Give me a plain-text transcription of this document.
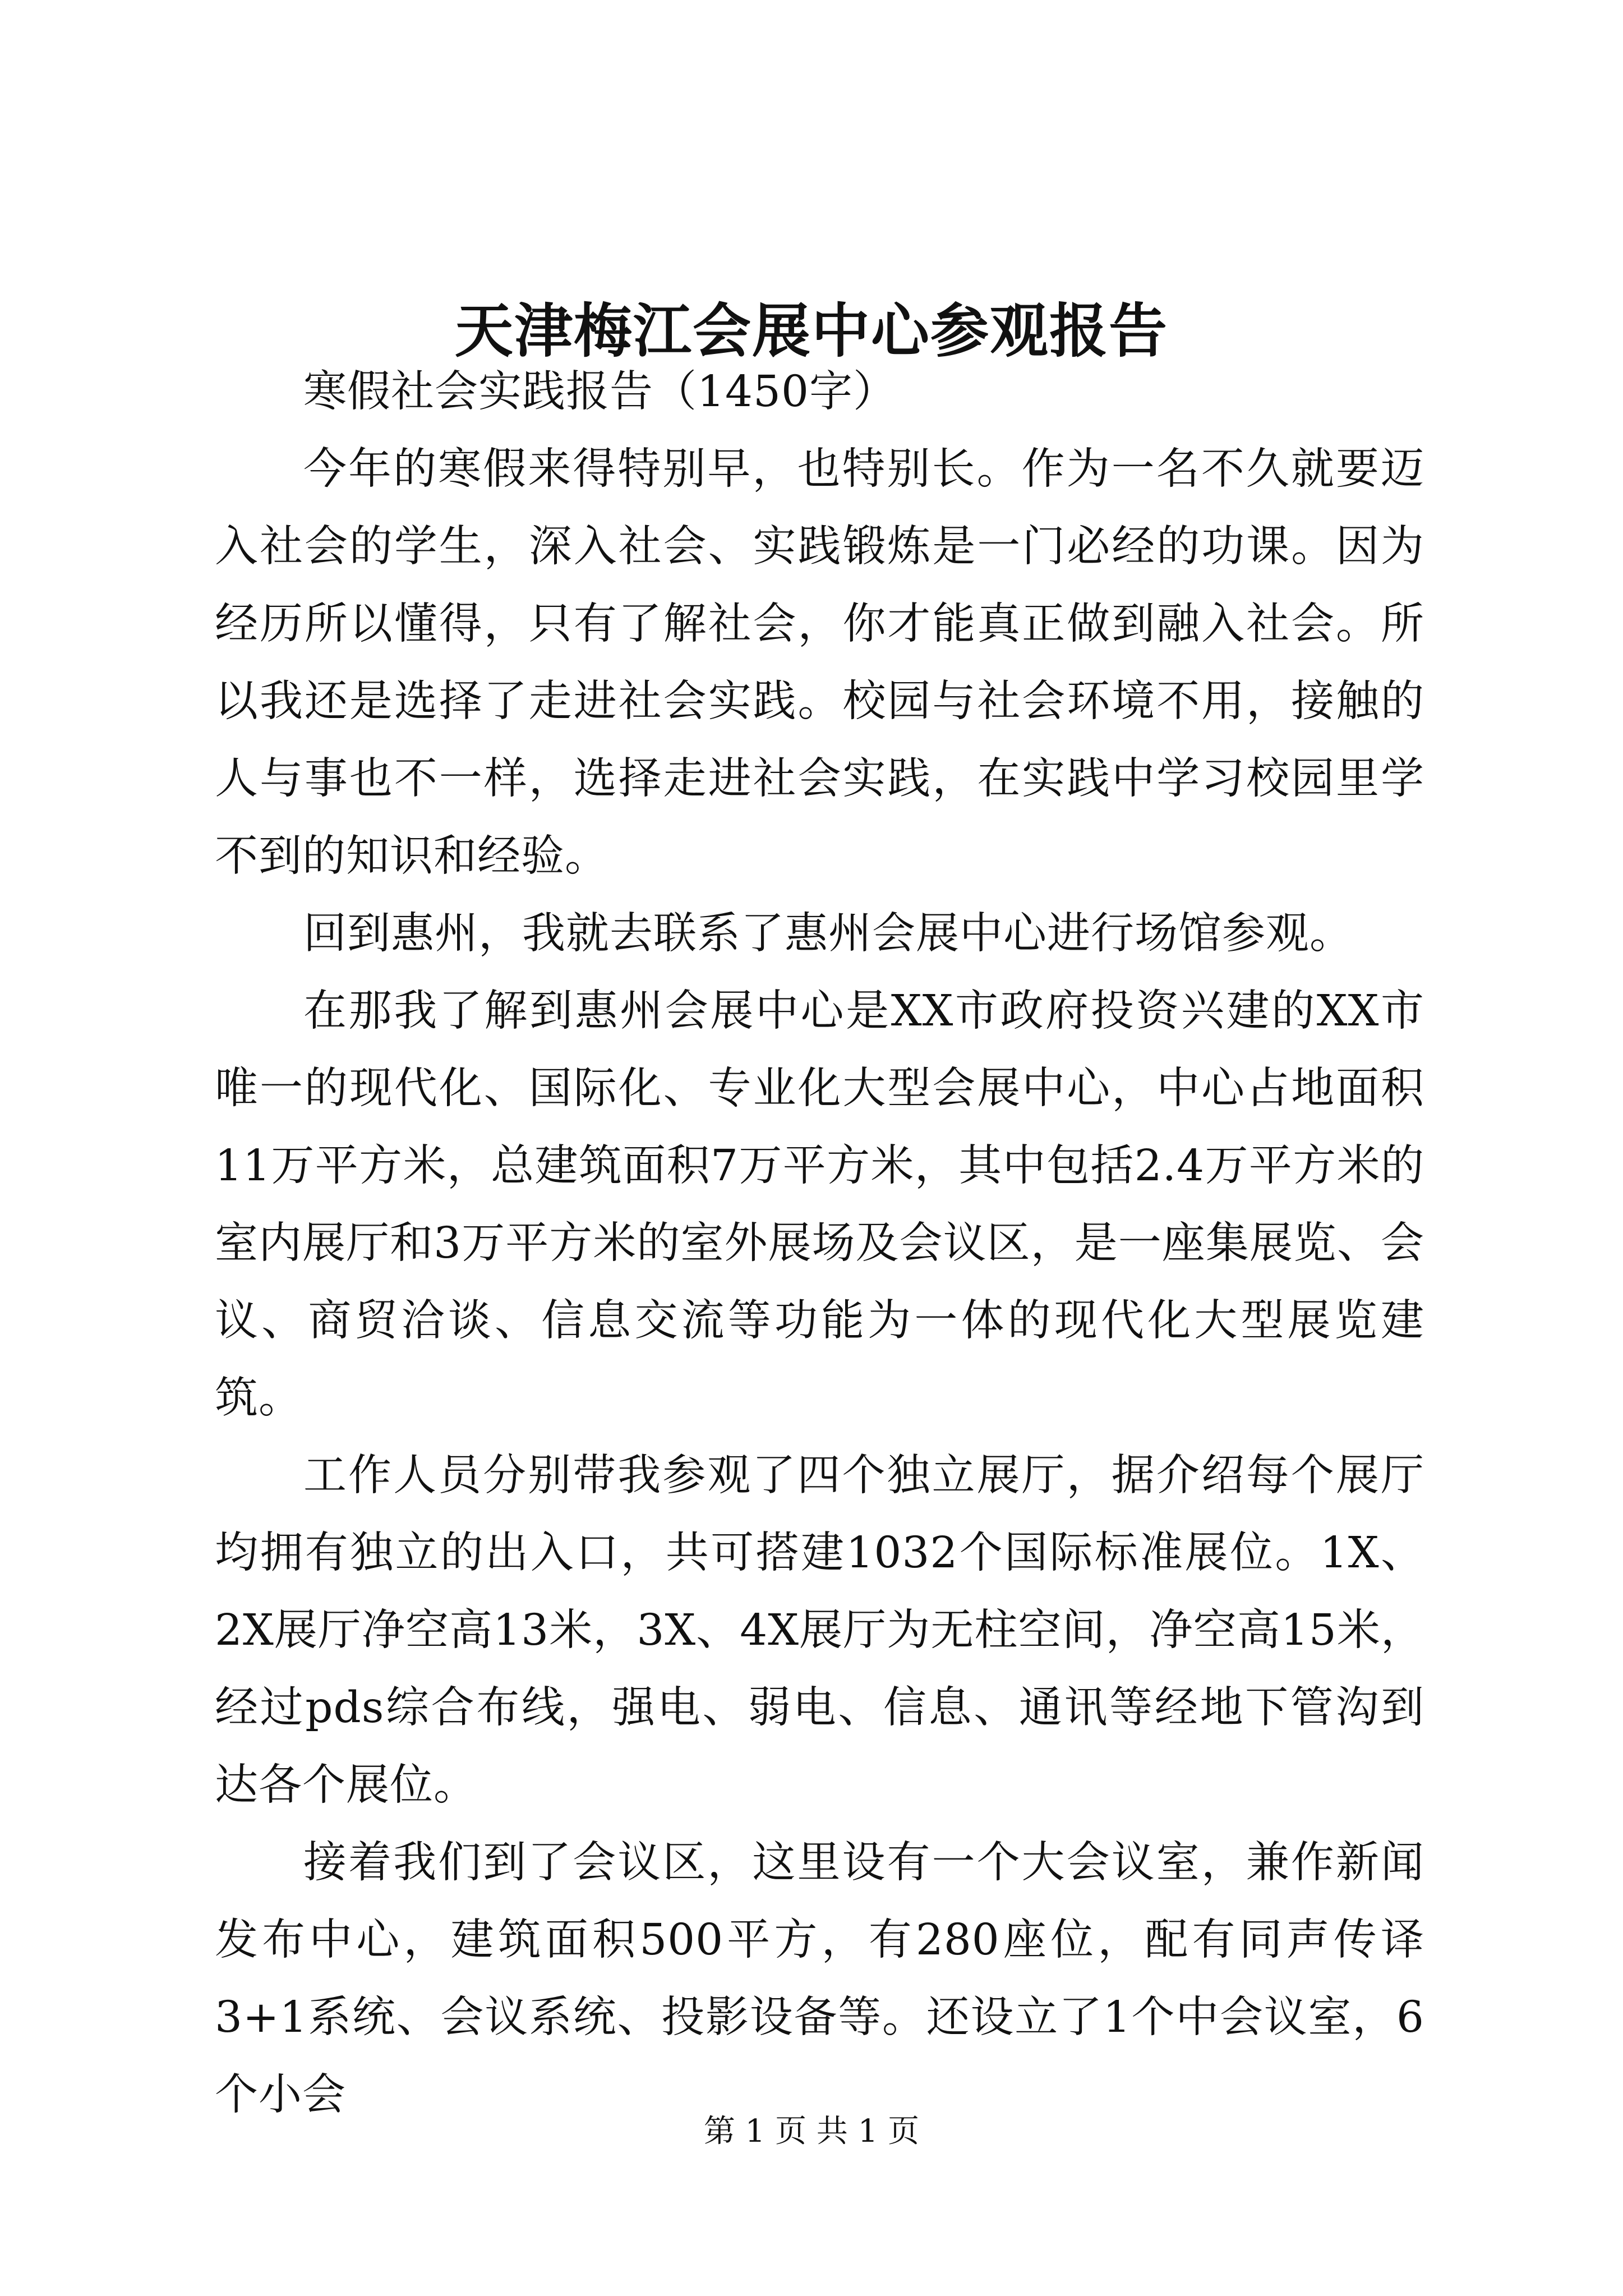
天津梅江会展中心参观报告

寒假社会实践报告（1450字）

今年的寒假来得特别早，也特别长。作为一名不久就要迈入社会的学生，深入社会、实践锻炼是一门必经的功课。因为经历所以懂得，只有了解社会，你才能真正做到融入社会。所以我还是选择了走进社会实践。校园与社会环境不用，接触的人与事也不一样，选择走进社会实践，在实践中学习校园里学不到的知识和经验。

回到惠州，我就去联系了惠州会展中心进行场馆参观。

在那我了解到惠州会展中心是XX市政府投资兴建的XX市唯一的现代化、国际化、专业化大型会展中心，中心占地面积11万平方米，总建筑面积7万平方米，其中包括2.4万平方米的室内展厅和3万平方米的室外展场及会议区，是一座集展览、会议、商贸洽谈、信息交流等功能为一体的现代化大型展览建筑。

工作人员分别带我参观了四个独立展厅，据介绍每个展厅均拥有独立的出入口，共可搭建1032个国际标准展位。1X、2X展厅净空高13米，3X、4X展厅为无柱空间，净空高15米，经过pds综合布线，强电、弱电、信息、通讯等经地下管沟到达各个展位。

接着我们到了会议区，这里设有一个大会议室，兼作新闻发布中心，建筑面积500平方，有280座位，配有同声传译3+1系统、会议系统、投影设备等。还设立了1个中会议室，6个小会

第 1 页 共 1 页
